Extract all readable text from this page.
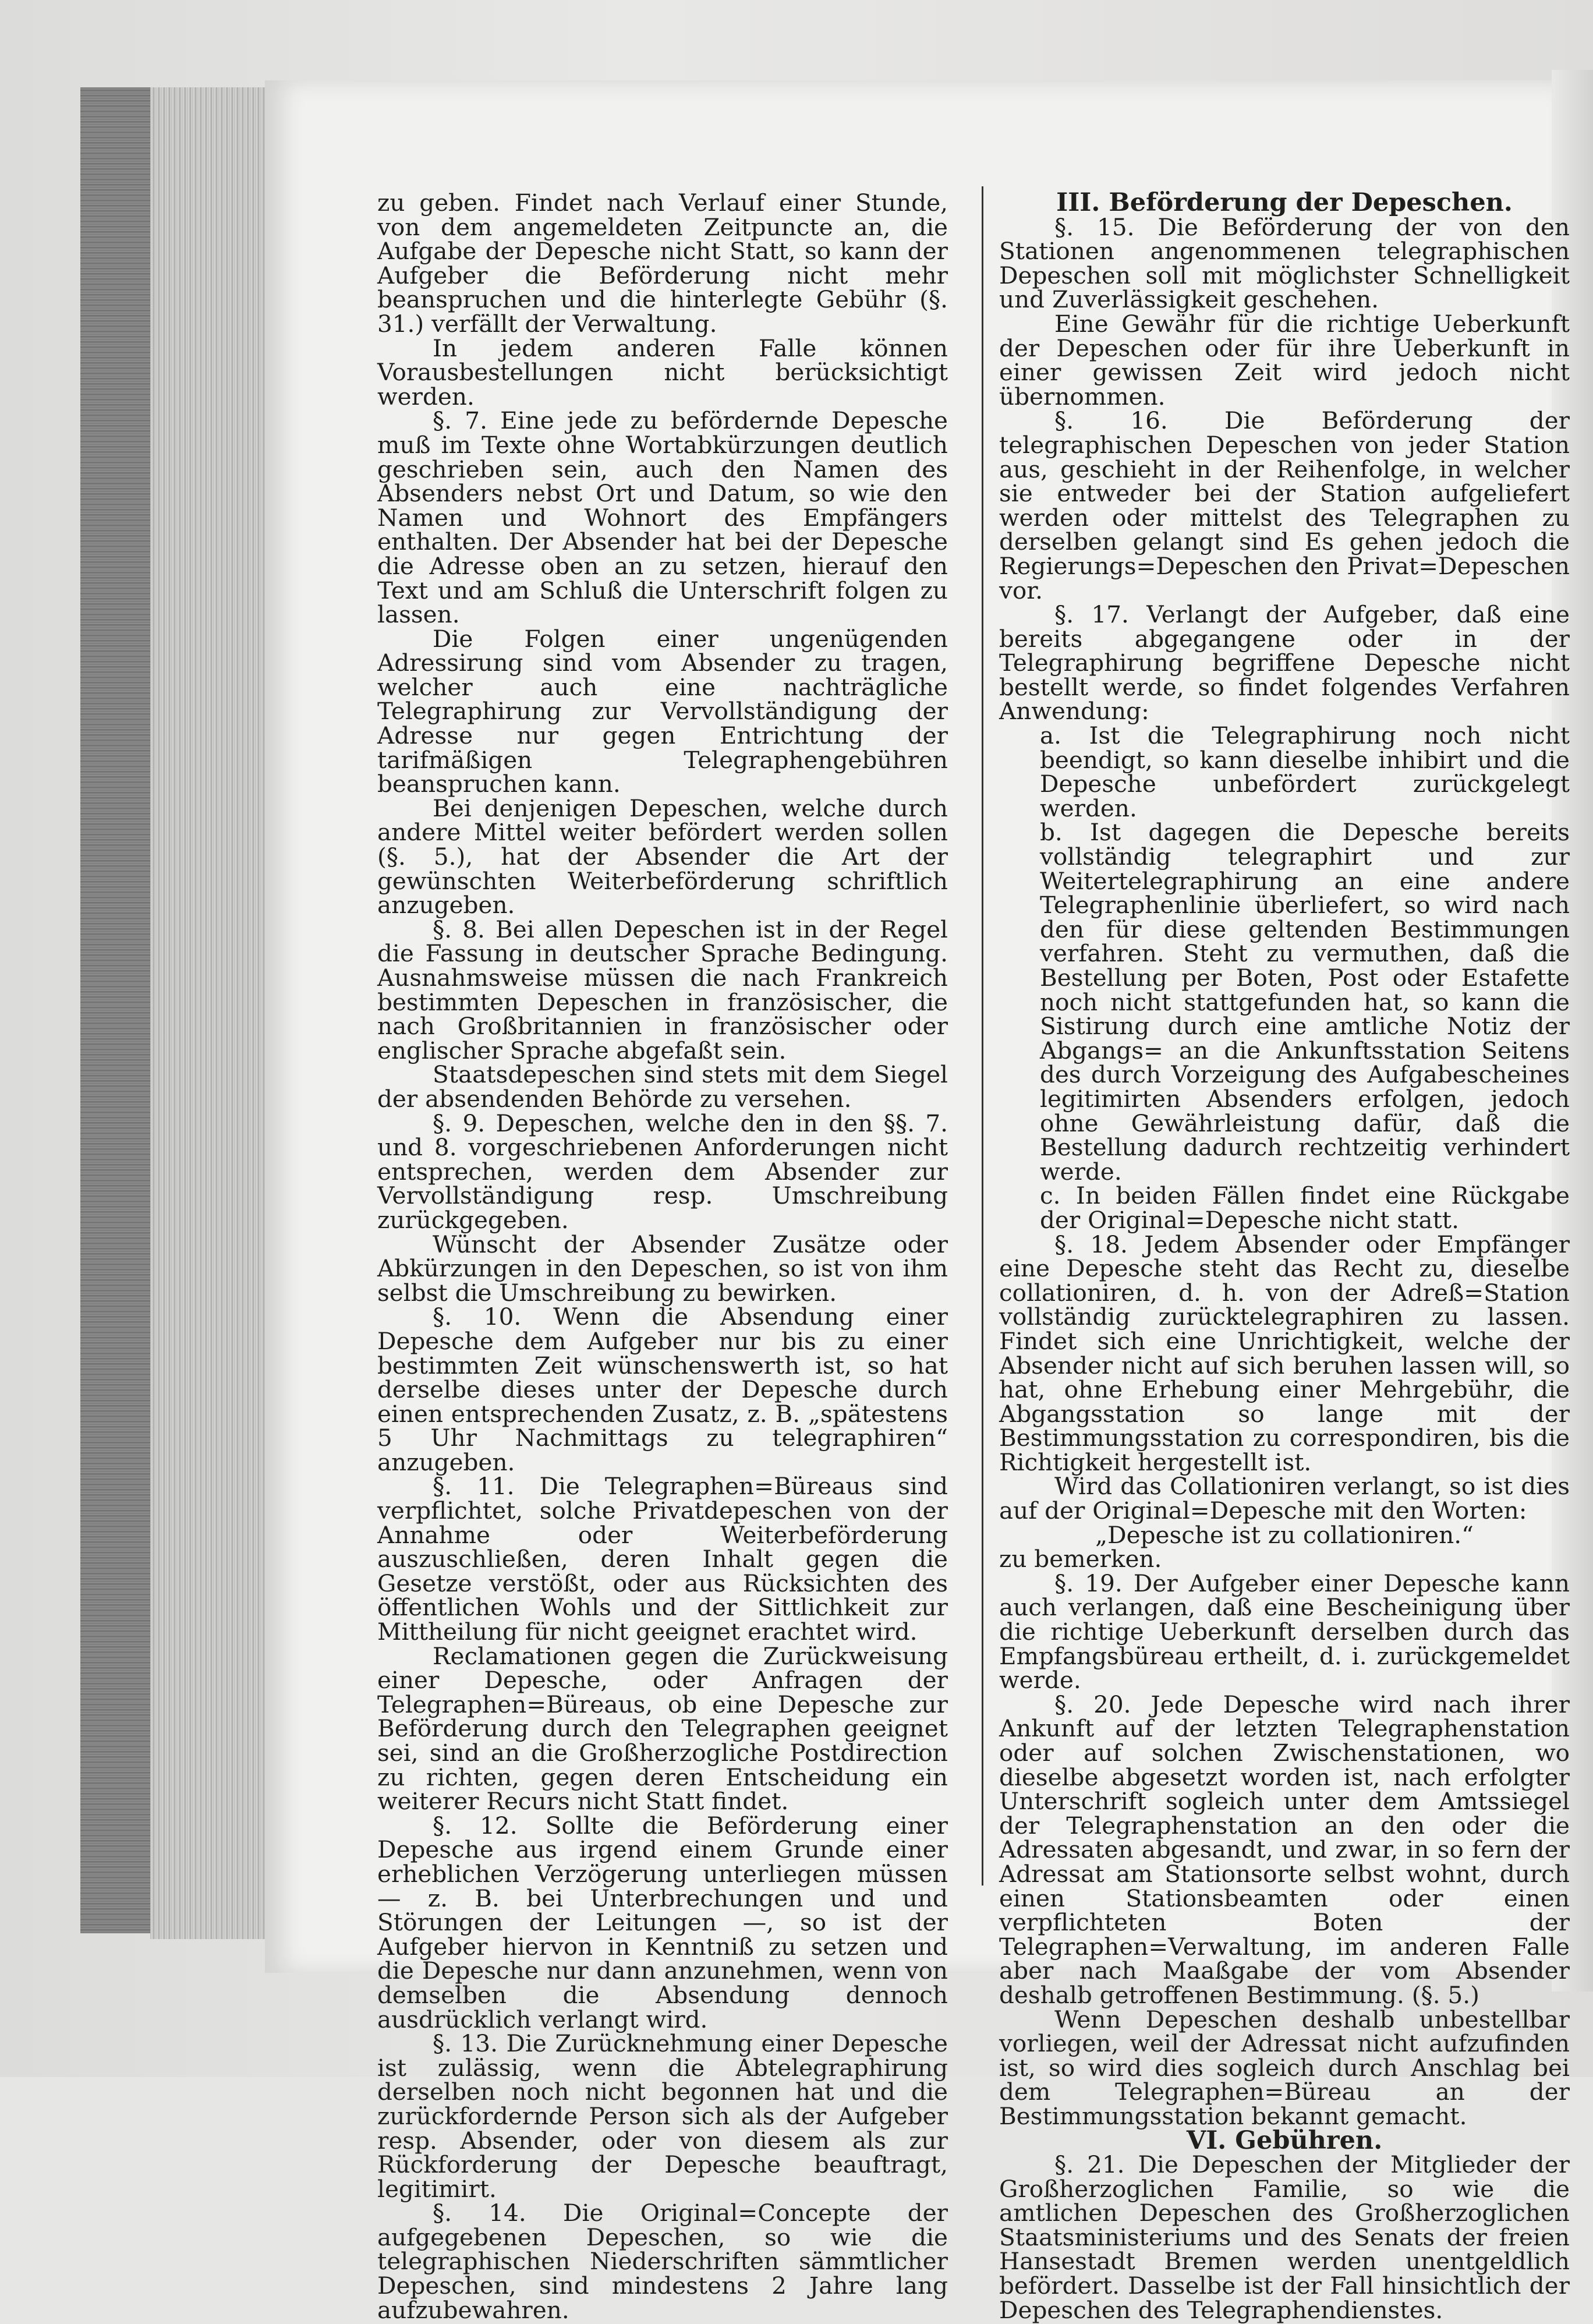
zu geben. Findet nach Verlauf einer Stunde, von dem angemeldeten Zeitpuncte an, die Aufgabe der Depesche nicht Statt, so kann der Aufgeber die Beförderung nicht mehr beanspruchen und die hinterlegte Gebühr (§. 31.) verfällt der Verwaltung.

In jedem anderen Falle können Vorausbestellungen nicht berücksichtigt werden.

§. 7. Eine jede zu befördernde Depesche muß im Texte ohne Wortabkürzungen deutlich geschrieben sein, auch den Namen des Absenders nebst Ort und Datum, so wie den Namen und Wohnort des Empfängers enthalten. Der Absender hat bei der Depesche die Adresse oben an zu setzen, hierauf den Text und am Schluß die Unterschrift folgen zu lassen.

Die Folgen einer ungenügenden Adressirung sind vom Absender zu tragen, welcher auch eine nachträgliche Telegraphirung zur Vervollständigung der Adresse nur gegen Entrichtung der tarifmäßigen Telegraphengebühren beanspruchen kann.

Bei denjenigen Depeschen, welche durch andere Mittel weiter befördert werden sollen (§. 5.), hat der Absender die Art der gewünschten Weiterbeförderung schriftlich anzugeben.

§. 8. Bei allen Depeschen ist in der Regel die Fassung in deutscher Sprache Bedingung. Ausnahmsweise müssen die nach Frankreich bestimmten Depeschen in französischer, die nach Großbritannien in französischer oder englischer Sprache abgefaßt sein.

Staatsdepeschen sind stets mit dem Siegel der absendenden Behörde zu versehen.

§. 9. Depeschen, welche den in den §§. 7. und 8. vorgeschriebenen Anforderungen nicht entsprechen, werden dem Absender zur Vervollständigung resp. Umschreibung zurückgegeben.

Wünscht der Absender Zusätze oder Abkürzungen in den Depeschen, so ist von ihm selbst die Umschreibung zu bewirken.

§. 10. Wenn die Absendung einer Depesche dem Aufgeber nur bis zu einer bestimmten Zeit wünschenswerth ist, so hat derselbe dieses unter der Depesche durch einen entsprechenden Zusatz, z. B. „spätestens 5 Uhr Nachmittags zu telegraphiren“ anzugeben.

§. 11. Die Telegraphen=Büreaus sind verpflichtet, solche Privatdepeschen von der Annahme oder Weiterbeförderung auszuschließen, deren Inhalt gegen die Gesetze verstößt, oder aus Rücksichten des öffentlichen Wohls und der Sittlichkeit zur Mittheilung für nicht geeignet erachtet wird.

Reclamationen gegen die Zurückweisung einer Depesche, oder Anfragen der Telegraphen=Büreaus, ob eine Depesche zur Beförderung durch den Telegraphen geeignet sei, sind an die Großherzogliche Postdirection zu richten, gegen deren Entscheidung ein weiterer Recurs nicht Statt findet.

§. 12. Sollte die Beförderung einer Depesche aus irgend einem Grunde einer erheblichen Verzögerung unterliegen müssen — z. B. bei Unterbrechungen und und Störungen der Leitungen —, so ist der Aufgeber hiervon in Kenntniß zu setzen und die Depesche nur dann anzunehmen, wenn von demselben die Absendung dennoch ausdrücklich verlangt wird.

§. 13. Die Zurücknehmung einer Depesche ist zulässig, wenn die Abtelegraphirung derselben noch nicht begonnen hat und die zurückfordernde Person sich als der Aufgeber resp. Absender, oder von diesem als zur Rückforderung der Depesche beauftragt, legitimirt.

§. 14. Die Original=Concepte der aufgegebenen Depeschen, so wie die telegraphischen Niederschriften sämmtlicher Depeschen, sind mindestens 2 Jahre lang aufzubewahren.

III. Beförderung der Depeschen.

§. 15. Die Beförderung der von den Stationen angenommenen telegraphischen Depeschen soll mit möglichster Schnelligkeit und Zuverlässigkeit geschehen.

Eine Gewähr für die richtige Ueberkunft der Depeschen oder für ihre Ueberkunft in einer gewissen Zeit wird jedoch nicht übernommen.

§. 16. Die Beförderung der telegraphischen Depeschen von jeder Station aus, geschieht in der Reihenfolge, in welcher sie entweder bei der Station aufgeliefert werden oder mittelst des Telegraphen zu derselben gelangt sind Es gehen jedoch die Regierungs=Depeschen den Privat=Depeschen vor.

§. 17. Verlangt der Aufgeber, daß eine bereits abgegangene oder in der Telegraphirung begriffene Depesche nicht bestellt werde, so findet folgendes Verfahren Anwendung:

a. Ist die Telegraphirung noch nicht beendigt, so kann dieselbe inhibirt und die Depesche unbefördert zurückgelegt werden.

b. Ist dagegen die Depesche bereits vollständig telegraphirt und zur Weitertelegraphirung an eine andere Telegraphenlinie überliefert, so wird nach den für diese geltenden Bestimmungen verfahren. Steht zu vermuthen, daß die Bestellung per Boten, Post oder Estafette noch nicht stattgefunden hat, so kann die Sistirung durch eine amtliche Notiz der Abgangs= an die Ankunftsstation Seitens des durch Vorzeigung des Aufgabescheines legitimirten Absenders erfolgen, jedoch ohne Gewährleistung dafür, daß die Bestellung dadurch rechtzeitig verhindert werde.

c. In beiden Fällen findet eine Rückgabe der Original=Depesche nicht statt.

§. 18. Jedem Absender oder Empfänger eine Depesche steht das Recht zu, dieselbe collationiren, d. h. von der Adreß=Station vollständig zurücktelegraphiren zu lassen. Findet sich eine Unrichtigkeit, welche der Absender nicht auf sich beruhen lassen will, so hat, ohne Erhebung einer Mehrgebühr, die Abgangsstation so lange mit der Bestimmungsstation zu correspondiren, bis die Richtigkeit hergestellt ist.

Wird das Collationiren verlangt, so ist dies auf der Original=Depesche mit den Worten:

„Depesche ist zu collationiren.“

zu bemerken.

§. 19. Der Aufgeber einer Depesche kann auch verlangen, daß eine Bescheinigung über die richtige Ueberkunft derselben durch das Empfangsbüreau ertheilt, d. i. zurückgemeldet werde.

§. 20. Jede Depesche wird nach ihrer Ankunft auf der letzten Telegraphenstation oder auf solchen Zwischenstationen, wo dieselbe abgesetzt worden ist, nach erfolgter Unterschrift sogleich unter dem Amtssiegel der Telegraphenstation an den oder die Adressaten abgesandt, und zwar, in so fern der Adressat am Stationsorte selbst wohnt, durch einen Stationsbeamten oder einen verpflichteten Boten der Telegraphen=Verwaltung, im anderen Falle aber nach Maaßgabe der vom Absender deshalb getroffenen Bestimmung. (§. 5.)

Wenn Depeschen deshalb unbestellbar vorliegen, weil der Adressat nicht aufzufinden ist, so wird dies sogleich durch Anschlag bei dem Telegraphen=Büreau an der Bestimmungsstation bekannt gemacht.

VI. Gebühren.

§. 21. Die Depeschen der Mitglieder der Großherzoglichen Familie, so wie die amtlichen Depeschen des Großherzoglichen Staatsministeriums und des Senats der freien Hansestadt Bremen werden unentgeldlich befördert. Dasselbe ist der Fall hinsichtlich der Depeschen des Telegraphendienstes.
